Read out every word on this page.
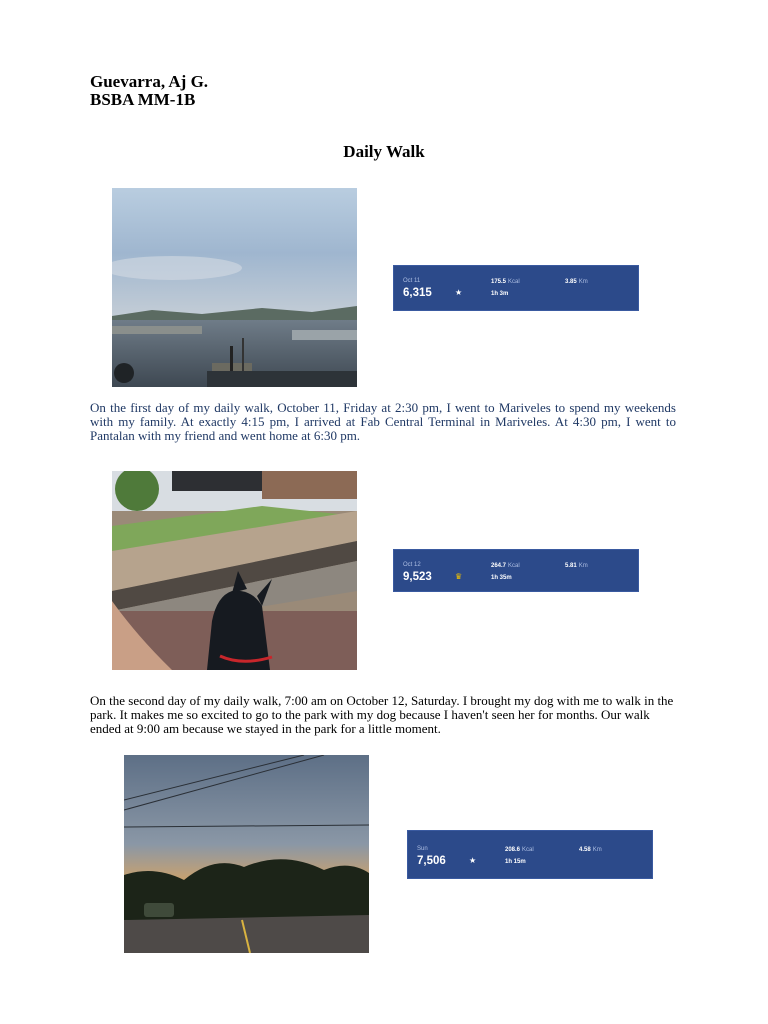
Guevarra, Aj G.
BSBA MM-1B
Daily Walk
Oct 11
6,315	★
175.5 Kcal
1h 3m
3.85 Km
On the first day of my daily walk, October 11, Friday at 2:30 pm, I went to Mariveles to spend my weekends with my family. At exactly 4:15 pm, I arrived at Fab Central Terminal in Mariveles. At 4:30 pm, I went to Pantalan with my friend and went home at 6:30 pm.
Oct 12
9,523	♛
264.7 Kcal
1h 35m
5.81 Km
On the second day of my daily walk, 7:00 am on October 12, Saturday. I brought my dog with me to walk in the park. It makes me so excited to go to the park with my dog because I haven't seen her for months. Our walk ended at 9:00 am because we stayed in the park for a little moment.
Sun
7,506	★
208.6 Kcal
1h 15m
4.58 Km
